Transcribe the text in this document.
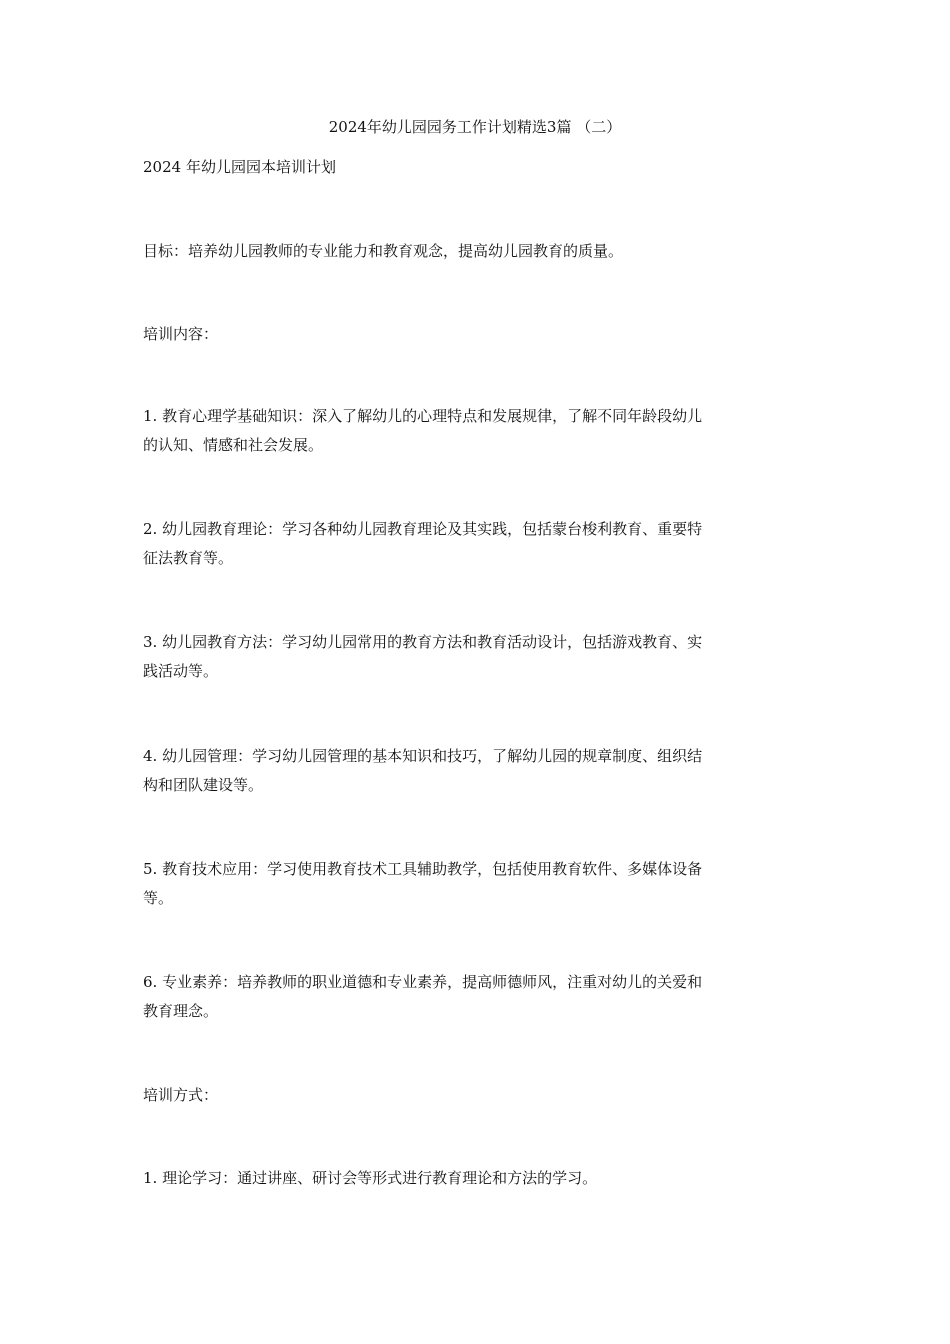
2024年幼儿园园务工作计划精选3篇 （二）
2024 年幼儿园园本培训计划
目标：培养幼儿园教师的专业能力和教育观念，提高幼儿园教育的质量。
培训内容：
1. 教育心理学基础知识：深入了解幼儿的心理特点和发展规律，了解不同年龄段幼儿
的认知、情感和社会发展。
2. 幼儿园教育理论：学习各种幼儿园教育理论及其实践，包括蒙台梭利教育、重要特
征法教育等。
3. 幼儿园教育方法：学习幼儿园常用的教育方法和教育活动设计，包括游戏教育、实
践活动等。
4. 幼儿园管理：学习幼儿园管理的基本知识和技巧，了解幼儿园的规章制度、组织结
构和团队建设等。
5. 教育技术应用：学习使用教育技术工具辅助教学，包括使用教育软件、多媒体设备
等。
6. 专业素养：培养教师的职业道德和专业素养，提高师德师风，注重对幼儿的关爱和
教育理念。
培训方式：
1. 理论学习：通过讲座、研讨会等形式进行教育理论和方法的学习。
